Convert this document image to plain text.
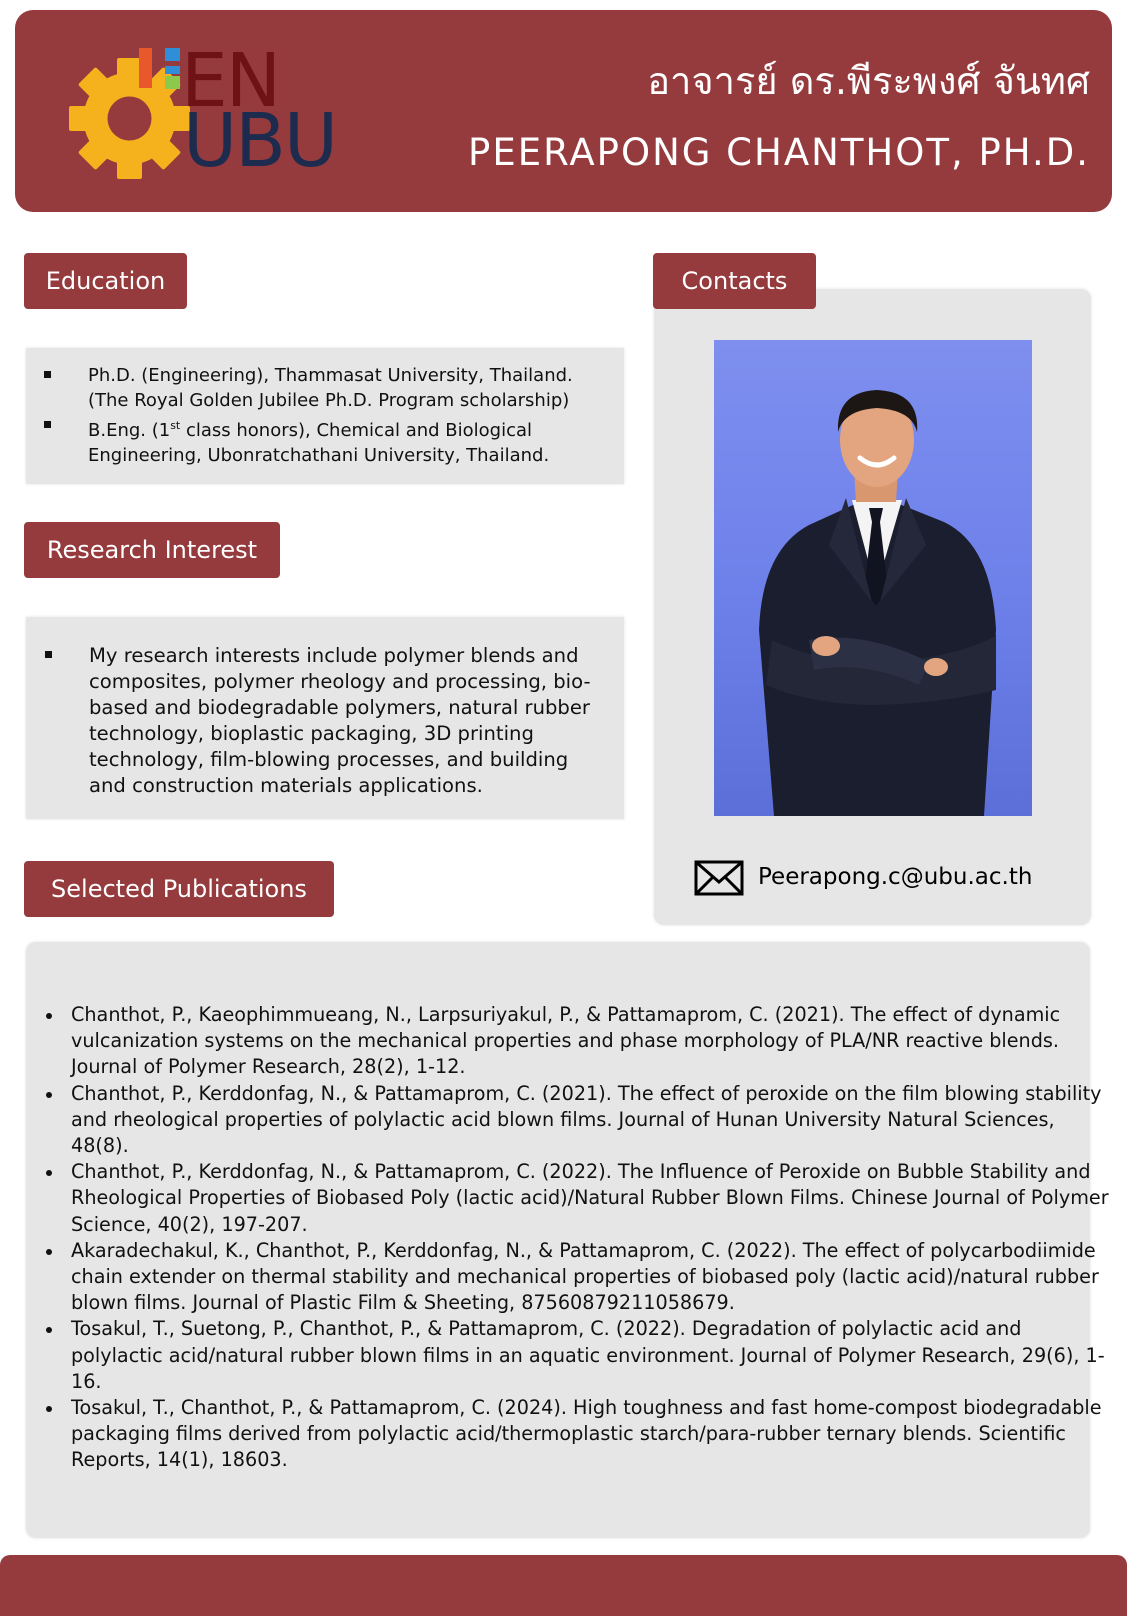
EN
UBU
อาจารย์ ดร.พีระพงศ์ จันทศ
PEERAPONG CHANTHOT, PH.D.
Education
Ph.D. (Engineering), Thammasat University, Thailand.
(The Royal Golden Jubilee Ph.D. Program scholarship)
B.Eng. (1st class honors), Chemical and Biological
Engineering, Ubonratchathani University, Thailand.
Research Interest
My research interests include polymer blends and composites, polymer rheology and processing, bio-based and biodegradable polymers, natural rubber technology, bioplastic packaging, 3D printing technology, film-blowing processes, and building and construction materials applications.
Selected Publications
Chanthot, P., Kaeophimmueang, N., Larpsuriyakul, P., & Pattamaprom, C. (2021). The effect of dynamic vulcanization systems on the mechanical properties and phase morphology of PLA/NR reactive blends. Journal of Polymer Research, 28(2), 1-12.
Chanthot, P., Kerddonfag, N., & Pattamaprom, C. (2021). The effect of peroxide on the film blowing stability and rheological properties of polylactic acid blown films. Journal of Hunan University Natural Sciences, 48(8).
Chanthot, P., Kerddonfag, N., & Pattamaprom, C. (2022). The Influence of Peroxide on Bubble Stability and Rheological Properties of Biobased Poly (lactic acid)/Natural Rubber Blown Films. Chinese Journal of Polymer Science, 40(2), 197-207.
Akaradechakul, K., Chanthot, P., Kerddonfag, N., & Pattamaprom, C. (2022). The effect of polycarbodiimide chain extender on thermal stability and mechanical properties of biobased poly (lactic acid)/natural rubber blown films. Journal of Plastic Film & Sheeting, 87560879211058679.
Tosakul, T., Suetong, P., Chanthot, P., & Pattamaprom, C. (2022). Degradation of polylactic acid and polylactic acid/natural rubber blown films in an aquatic environment. Journal of Polymer Research, 29(6), 1-16.
Tosakul, T., Chanthot, P., & Pattamaprom, C. (2024). High toughness and fast home-compost biodegradable packaging films derived from polylactic acid/thermoplastic starch/para-rubber ternary blends. Scientific Reports, 14(1), 18603.
Contacts
Peerapong.c@ubu.ac.th
